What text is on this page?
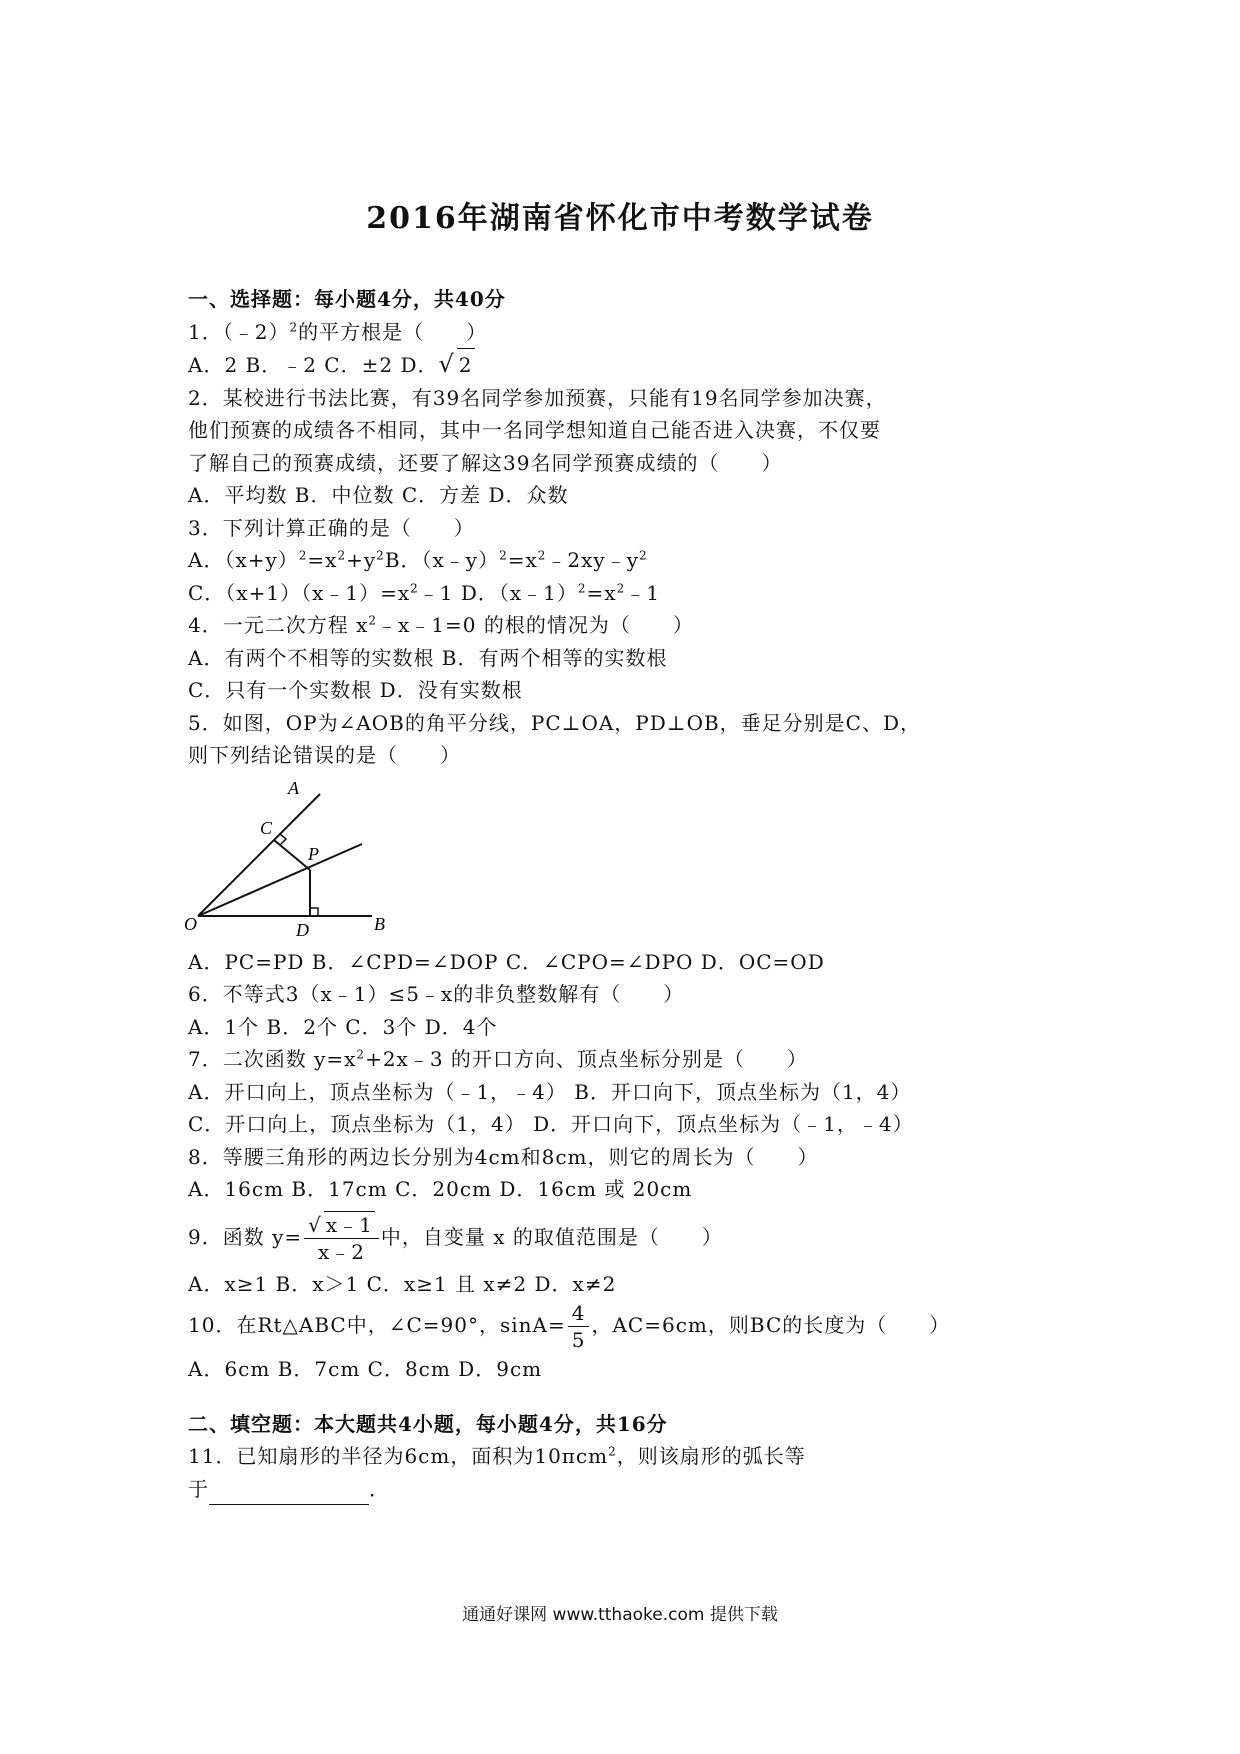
2016年湖南省怀化市中考数学试卷
一、选择题：每小题4分，共40分
1．（﹣2）$^2$的平方根是（　　）
A．2 B．﹣2 C．±2 D．√ 2
2．某校进行书法比赛，有39名同学参加预赛，只能有19名同学参加决赛，
他们预赛的成绩各不相同，其中一名同学想知道自己能否进入决赛，不仅要
了解自己的预赛成绩，还要了解这39名同学预赛成绩的（　　）
A．平均数 B．中位数 C．方差 D．众数
3．下列计算正确的是（　　）
A．$(x+y)^2=x^2+y^2B$．$(x﹣y)^2=x^2﹣2xy﹣y^2$
C．$(x+1)(x﹣1)=x^2﹣1$ D．$(x﹣1)^2=x^2﹣1$
4．一元二次方程 $x^2﹣x﹣1=0$ 的根的情况为（　　）
A．有两个不相等的实数根 B．有两个相等的实数根
C．只有一个实数根 D．没有实数根
5．如图，OP为∠AOB的角平分线，PC⊥OA，PD⊥OB，垂足分别是C、D，
则下列结论错误的是（　　）
A
B
C
D
O
P
A．PC=PD B．∠CPD=∠DOP C．∠CPO=∠DPO D．OC=OD
6．不等式3（x﹣1）≤5﹣x的非负整数解有（　　）
A．1个 B．2个 C．3个 D．4个
7．二次函数 $y=x^2+2x﹣3$ 的开口方向、顶点坐标分别是（　　）
A．开口向上，顶点坐标为（﹣1，﹣4） B．开口向下，顶点坐标为（1，4）
C．开口向上，顶点坐标为（1，4） D．开口向下，顶点坐标为（﹣1，﹣4）
8．等腰三角形的两边长分别为4cm和8cm，则它的周长为（　　）
A．16cm B．17cm C．20cm D．16cm 或 20cm
9．函数 $y= \frac{√ x﹣1}{x﹣2}$ 中，自变量 x 的取值范围是（　　）
A．x≥1 B．x＞1 C．x≥1 且 x≠2 D．x≠2
10．在Rt△ABC中，∠C=90°，$\sin A= \frac{4}{5}$ ，AC=6cm，则BC的长度为（　　）
A．6cm B．7cm C．8cm D．9cm
二、填空题：本大题共4小题，每小题4分，共16分
11．已知扇形的半径为6cm，面积为10πcm$^2$，则该扇形的弧长等
于	．
通通好课网 www.tthaoke.com 提供下载
